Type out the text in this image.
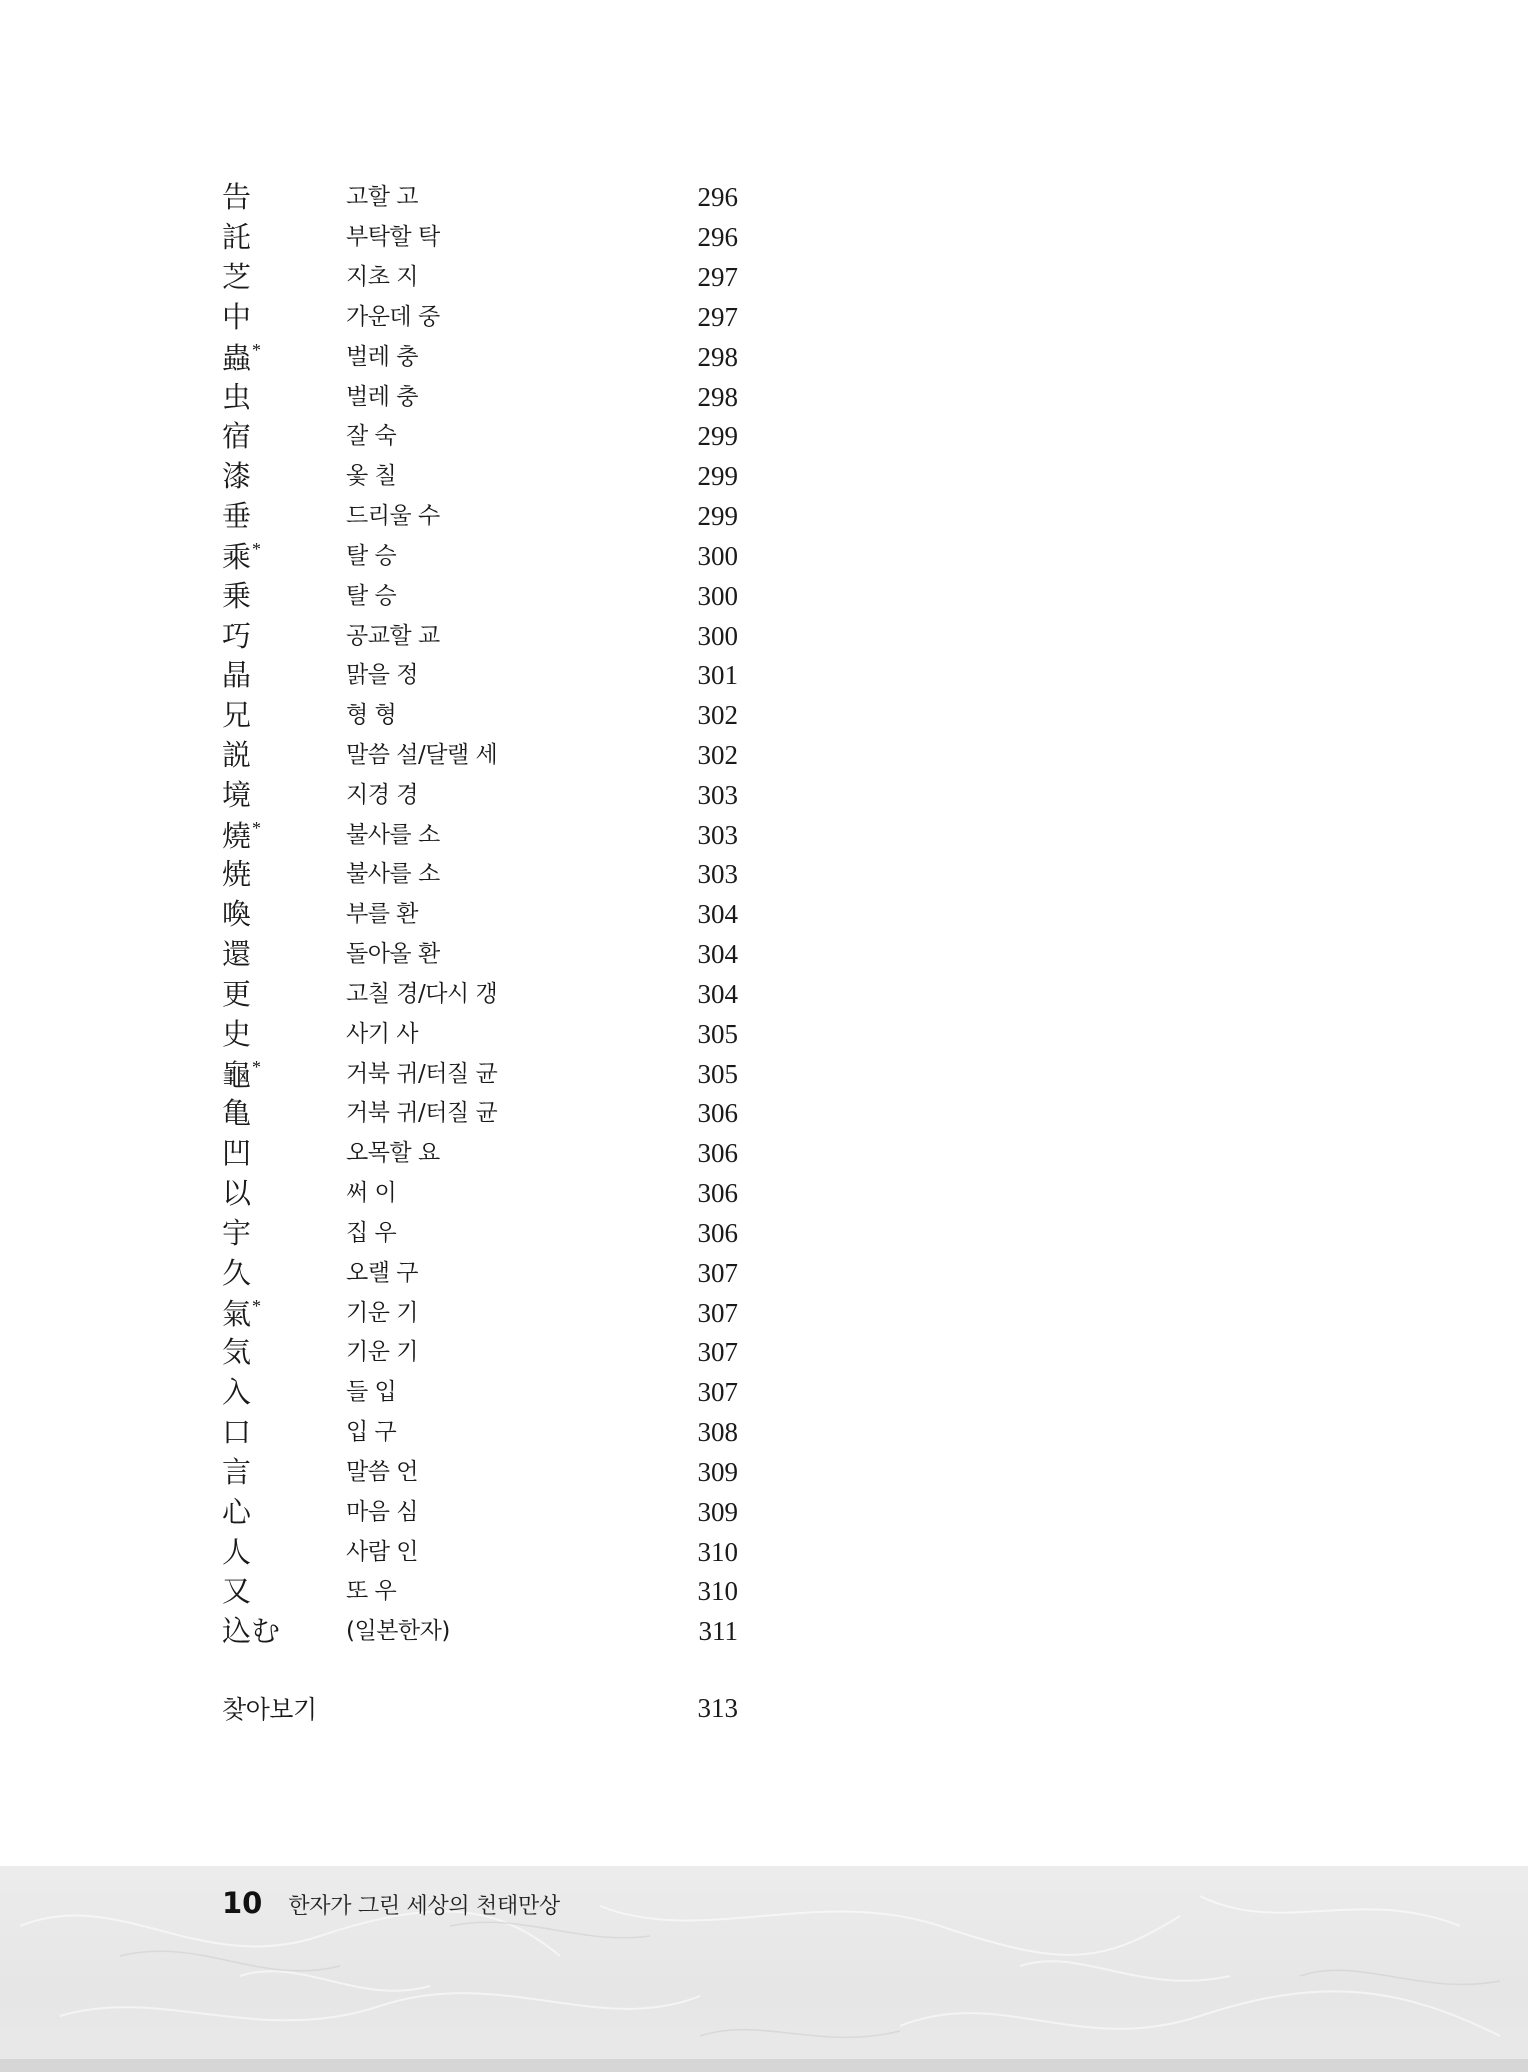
告	고할 고	296
託	부탁할 탁	296
芝	지초 지	297
中	가운데 중	297
蟲*	벌레 충	298
虫	벌레 충	298
宿	잘 숙	299
漆	옻 칠	299
垂	드리울 수	299
乘*	탈 승	300
乗	탈 승	300
巧	공교할 교	300
晶	맑을 정	301
兄	형 형	302
説	말씀 설/달랠 세	302
境	지경 경	303
燒*	불사를 소	303
焼	불사를 소	303
喚	부를 환	304
還	돌아올 환	304
更	고칠 경/다시 갱	304
史	사기 사	305
龜*	거북 귀/터질 균	305
亀	거북 귀/터질 균	306
凹	오목할 요	306
以	써 이	306
宇	집 우	306
久	오랠 구	307
氣*	기운 기	307
気	기운 기	307
入	들 입	307
口	입 구	308
言	말씀 언	309
心	마음 심	309
人	사람 인	310
又	또 우	310
込む	(일본한자)	311
찾아보기	313
10 한자가 그린 세상의 천태만상
